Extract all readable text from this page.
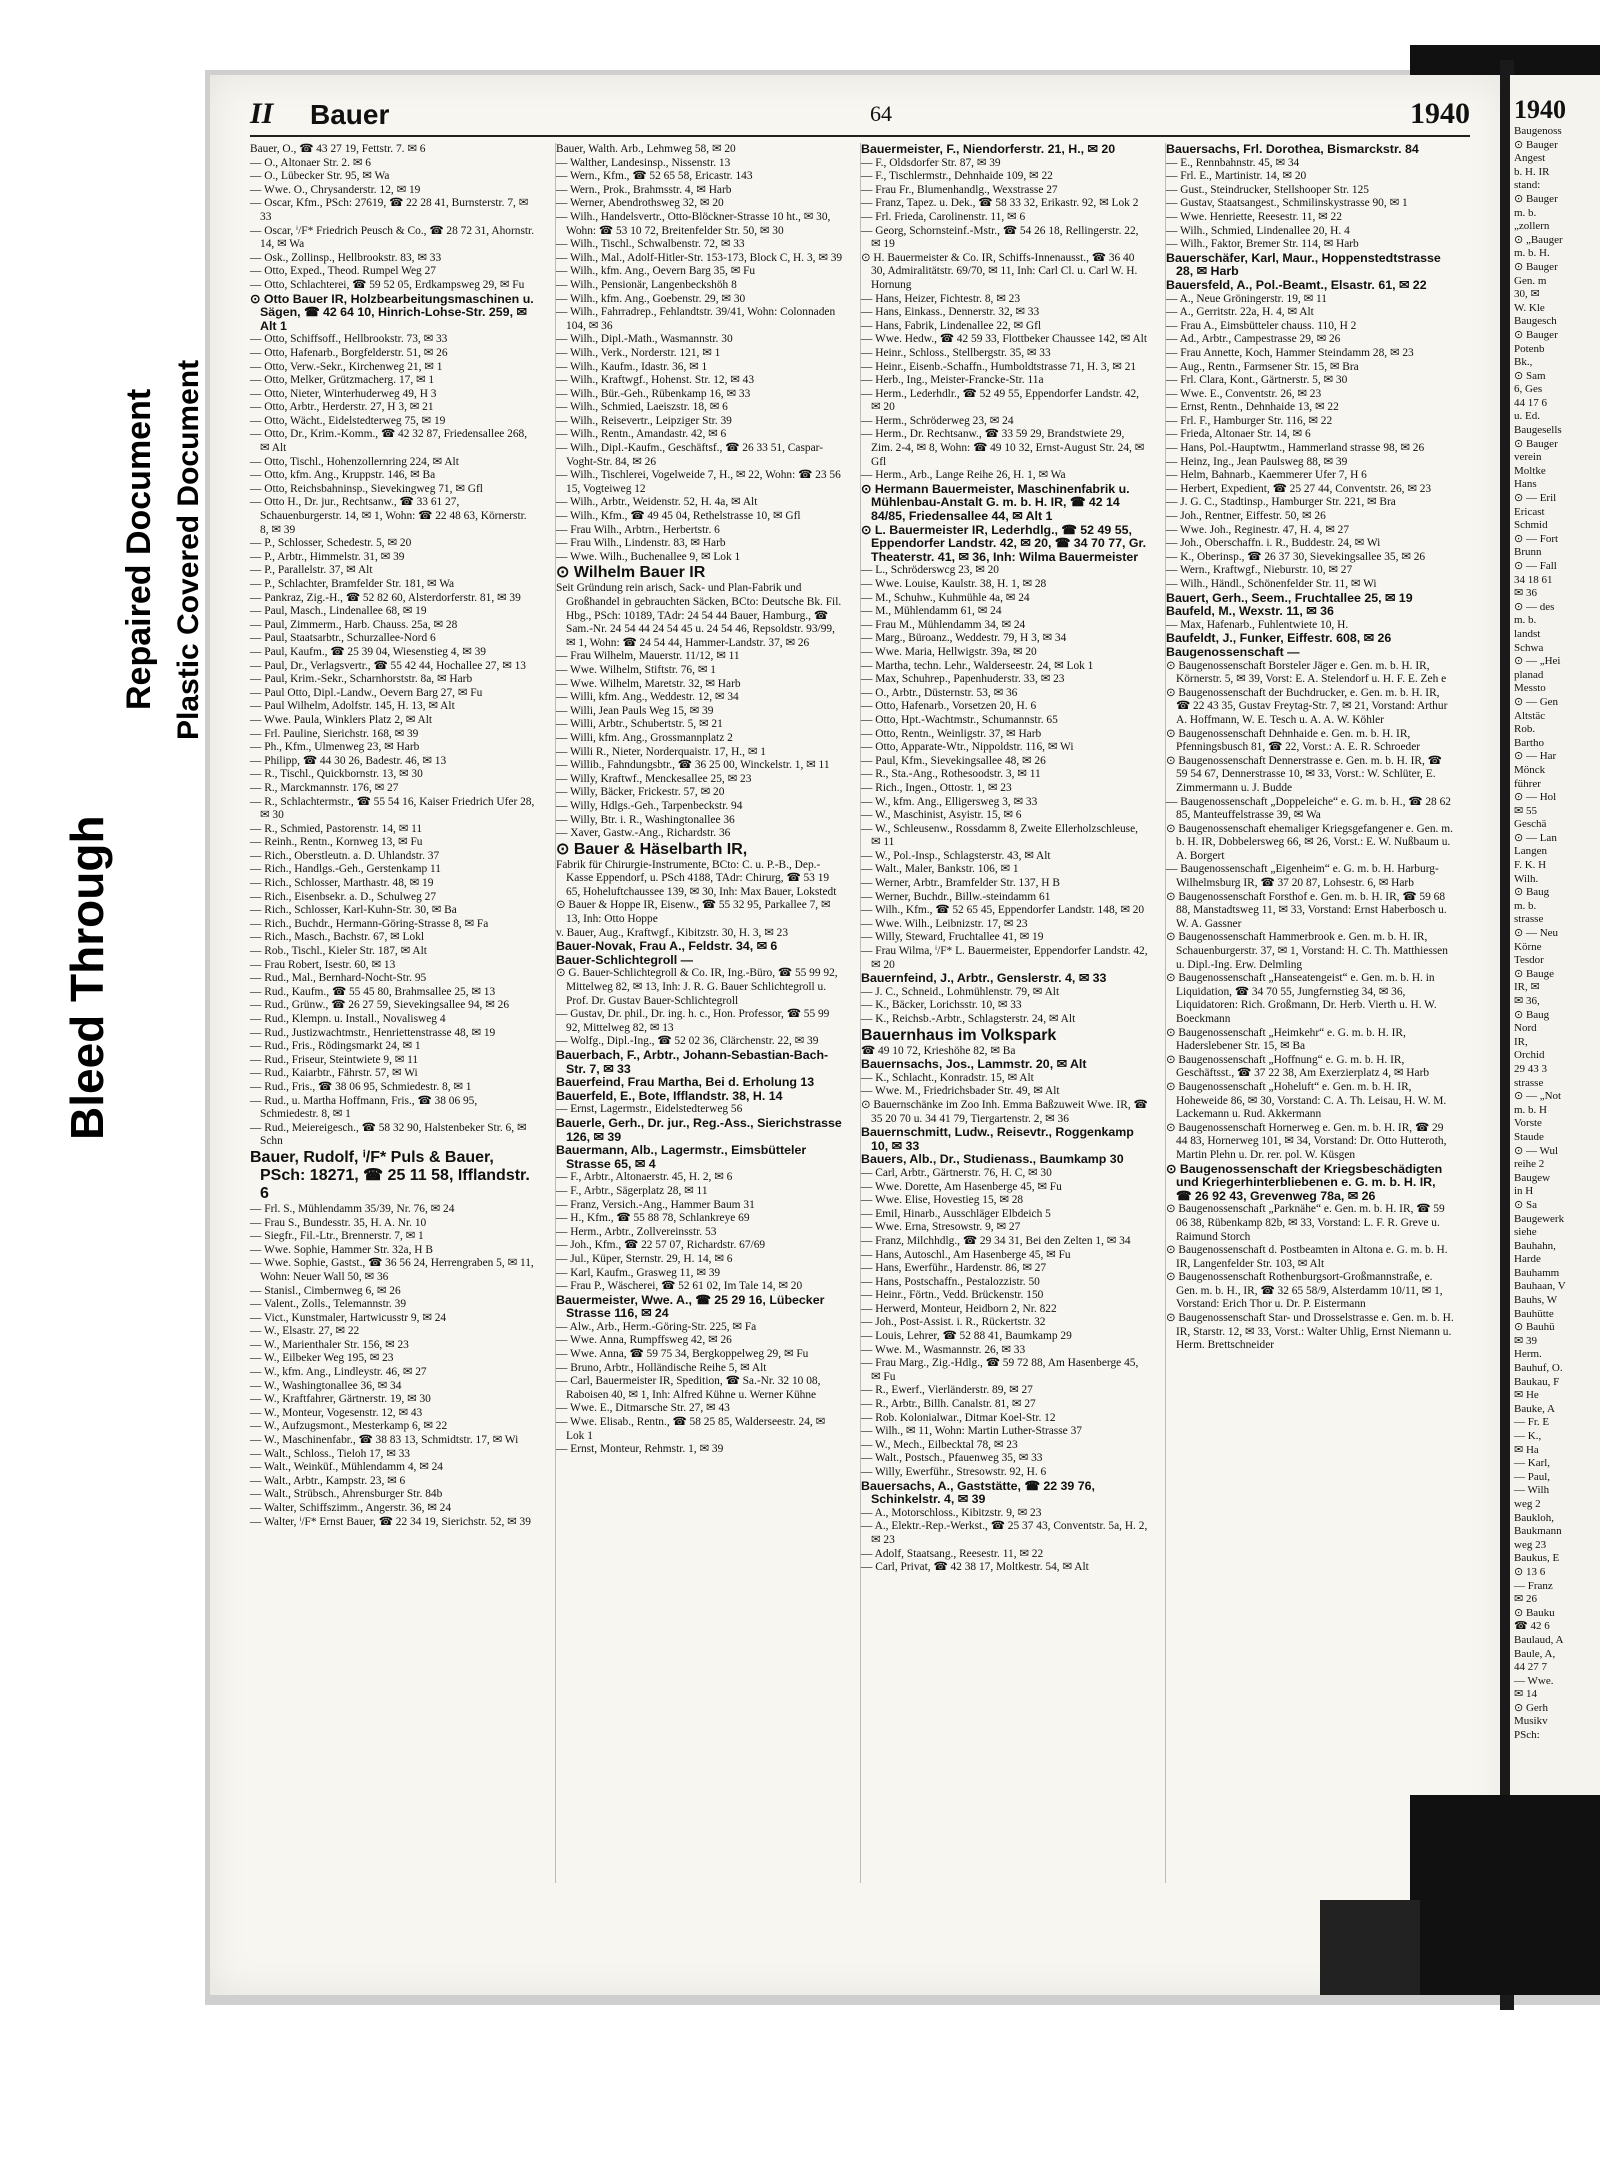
Bleed Through
Repaired Document Plastic Covered Document
II Bauer	64	1940
Bauer, O., ☎ 43 27 19, Fettstr. 7. ✉ 6
— O., Altonaer Str. 2. ✉ 6
— O., Lübecker Str. 95, ✉ Wa
— Wwe. O., Chrysanderstr. 12, ✉ 19
— Oscar, Kfm., PSch: 27619, ☎ 22 28 41, Burnsterstr. 7, ✉ 33
— Oscar, ⁱ/F* Friedrich Peusch & Co., ☎ 28 72 31, Ahornstr. 14, ✉ Wa
— Osk., Zollinsp., Hellbrookstr. 83, ✉ 33
— Otto, Exped., Theod. Rumpel Weg 27
— Otto, Schlachterei, ☎ 59 52 05, Erdkampsweg 29, ✉ Fu
⊙ Otto Bauer IR, Holzbearbeitungsmaschinen u. Sägen, ☎ 42 64 10, Hinrich-Lohse-Str. 259, ✉ Alt 1
— Otto, Schiffsoff., Hellbrookstr. 73, ✉ 33
— Otto, Hafenarb., Borgfelderstr. 51, ✉ 26
— Otto, Verw.-Sekr., Kirchenweg 21, ✉ 1
— Otto, Melker, Grützmacherg. 17, ✉ 1
— Otto, Nieter, Winterhuderweg 49, H 3
— Otto, Arbtr., Herderstr. 27, H 3, ✉ 21
— Otto, Wächt., Eidelstedterweg 75, ✉ 19
— Otto, Dr., Krim.-Komm., ☎ 42 32 87, Friedensallee 268, ✉ Alt
— Otto, Tischl., Hohenzollernring 224, ✉ Alt
— Otto, kfm. Ang., Kruppstr. 146, ✉ Ba
— Otto, Reichsbahninsp., Sievekingweg 71, ✉ Gfl
— Otto H., Dr. jur., Rechtsanw., ☎ 33 61 27, Schauenburgerstr. 14, ✉ 1, Wohn: ☎ 22 48 63, Körnerstr. 8, ✉ 39
— P., Schlosser, Schedestr. 5, ✉ 20
— P., Arbtr., Himmelstr. 31, ✉ 39
— P., Parallelstr. 37, ✉ Alt
— P., Schlachter, Bramfelder Str. 181, ✉ Wa
— Pankraz, Zig.-H., ☎ 52 82 60, Alsterdorferstr. 81, ✉ 39
— Paul, Masch., Lindenallee 68, ✉ 19
— Paul, Zimmerm., Harb. Chauss. 25a, ✉ 28
— Paul, Staatsarbtr., Schurzallee-Nord 6
— Paul, Kaufm., ☎ 25 39 04, Wiesenstieg 4, ✉ 39
— Paul, Dr., Verlagsvertr., ☎ 55 42 44, Hochallee 27, ✉ 13
— Paul, Krim.-Sekr., Scharnhorststr. 8a, ✉ Harb
— Paul Otto, Dipl.-Landw., Oevern Barg 27, ✉ Fu
— Paul Wilhelm, Adolfstr. 145, H. 13, ✉ Alt
— Wwe. Paula, Winklers Platz 2, ✉ Alt
— Frl. Pauline, Sierichstr. 168, ✉ 39
— Ph., Kfm., Ulmenweg 23, ✉ Harb
— Philipp, ☎ 44 30 26, Badestr. 46, ✉ 13
— R., Tischl., Quickbornstr. 13, ✉ 30
— R., Marckmannstr. 176, ✉ 27
— R., Schlachtermstr., ☎ 55 54 16, Kaiser Friedrich Ufer 28, ✉ 30
— R., Schmied, Pastorenstr. 14, ✉ 11
— Reinh., Rentn., Kornweg 13, ✉ Fu
— Rich., Oberstleutn. a. D. Uhlandstr. 37
— Rich., Handlgs.-Geh., Gerstenkamp 11
— Rich., Schlosser, Marthastr. 48, ✉ 19
— Rich., Eisenbsekr. a. D., Schulweg 27
— Rich., Schlosser, Karl-Kuhn-Str. 30, ✉ Ba
— Rich., Buchdr., Hermann-Göring-Strasse 8, ✉ Fa
— Rich., Masch., Bachstr. 67, ✉ Lokl
— Rob., Tischl., Kieler Str. 187, ✉ Alt
— Frau Robert, Isestr. 60, ✉ 13
— Rud., Mal., Bernhard-Nocht-Str. 95
— Rud., Kaufm., ☎ 55 45 80, Brahmsallee 25, ✉ 13
— Rud., Grünw., ☎ 26 27 59, Sievekingsallee 94, ✉ 26
— Rud., Klempn. u. Install., Novalisweg 4
— Rud., Justizwachtmstr., Henriettenstrasse 48, ✉ 19
— Rud., Fris., Rödingsmarkt 24, ✉ 1
— Rud., Friseur, Steintwiete 9, ✉ 11
— Rud., Kaiarbtr., Fährstr. 57, ✉ Wi
— Rud., Fris., ☎ 38 06 95, Schmiedestr. 8, ✉ 1
— Rud., u. Martha Hoffmann, Fris., ☎ 38 06 95, Schmiedestr. 8, ✉ 1
— Rud., Meiereigesch., ☎ 58 32 90, Halstenbeker Str. 6, ✉ Schn
Bauer, Rudolf, ⁱ/F* Puls & Bauer, PSch: 18271, ☎ 25 11 58, Ifflandstr. 6
— Frl. S., Mühlendamm 35/39, Nr. 76, ✉ 24
— Frau S., Bundesstr. 35, H. A. Nr. 10
— Siegfr., Fil.-Ltr., Brennerstr. 7, ✉ 1
— Wwe. Sophie, Hammer Str. 32a, H B
— Wwe. Sophie, Gastst., ☎ 36 56 24, Herrengraben 5, ✉ 11, Wohn: Neuer Wall 50, ✉ 36
— Stanisl., Cimbernweg 6, ✉ 26
— Valent., Zolls., Telemannstr. 39
— Vict., Kunstmaler, Hartwicusstr 9, ✉ 24
— W., Elsastr. 27, ✉ 22
— W., Marienthaler Str. 156, ✉ 23
— W., Eilbeker Weg 195, ✉ 23
— W., kfm. Ang., Lindleystr. 46, ✉ 27
— W., Washingtonallee 36, ✉ 34
— W., Kraftfahrer, Gärtnerstr. 19, ✉ 30
— W., Monteur, Vogesenstr. 12, ✉ 43
— W., Aufzugsmont., Mesterkamp 6, ✉ 22
— W., Maschinenfabr., ☎ 38 83 13, Schmidtstr. 17, ✉ Wi
— Walt., Schloss., Tieloh 17, ✉ 33
— Walt., Weinküf., Mühlendamm 4, ✉ 24
— Walt., Arbtr., Kampstr. 23, ✉ 6
— Walt., Strübsch., Ahrensburger Str. 84b
— Walter, Schiffszimm., Angerstr. 36, ✉ 24
— Walter, ⁱ/F* Ernst Bauer, ☎ 22 34 19, Sierichstr. 52, ✉ 39
Bauer, Walth. Arb., Lehmweg 58, ✉ 20
— Walther, Landesinsp., Nissenstr. 13
— Wern., Kfm., ☎ 52 65 58, Ericastr. 143
— Wern., Prok., Brahmsstr. 4, ✉ Harb
— Werner, Abendrothsweg 32, ✉ 20
— Wilh., Handelsvertr., Otto-Blöckner-Strasse 10 ht., ✉ 30, Wohn: ☎ 53 10 72, Breitenfelder Str. 50, ✉ 30
— Wilh., Tischl., Schwalbenstr. 72, ✉ 33
— Wilh., Mal., Adolf-Hitler-Str. 153-173, Block C, H. 3, ✉ 39
— Wilh., kfm. Ang., Oevern Barg 35, ✉ Fu
— Wilh., Pensionär, Langenbeckshöh 8
— Wilh., kfm. Ang., Goebenstr. 29, ✉ 30
— Wilh., Fahrradrep., Fehlandtstr. 39/41, Wohn: Colonnaden 104, ✉ 36
— Wilh., Dipl.-Math., Wasmannstr. 30
— Wilh., Verk., Norderstr. 121, ✉ 1
— Wilh., Kaufm., Idastr. 36, ✉ 1
— Wilh., Kraftwgf., Hohenst. Str. 12, ✉ 43
— Wilh., Bür.-Geh., Rübenkamp 16, ✉ 33
— Wilh., Schmied, Laeiszstr. 18, ✉ 6
— Wilh., Reisevertr., Leipziger Str. 39
— Wilh., Rentn., Amandastr. 42, ✉ 6
— Wilh., Dipl.-Kaufm., Geschäftsf., ☎ 26 33 51, Caspar-Voght-Str. 84, ✉ 26
— Wilh., Tischlerei, Vogelweide 7, H., ✉ 22, Wohn: ☎ 23 56 15, Vogteiweg 12
— Wilh., Arbtr., Weidenstr. 52, H. 4a, ✉ Alt
— Wilh., Kfm., ☎ 49 45 04, Rethelstrasse 10, ✉ Gfl
— Frau Wilh., Arbtrn., Herbertstr. 6
— Frau Wilh., Lindenstr. 83, ✉ Harb
— Wwe. Wilh., Buchenallee 9, ✉ Lok 1
⊙ Wilhelm Bauer IR
Seit Gründung rein arisch, Sack- und Plan-Fabrik und Großhandel in gebrauchten Säcken, BCto: Deutsche Bk. Fil. Hbg., PSch: 10189, TAdr: 24 54 44 Bauer, Hamburg., ☎ Sam.-Nr. 24 54 44 24 54 45 u. 24 54 46, Repsoldstr. 93/99, ✉ 1, Wohn: ☎ 24 54 44, Hammer-Landstr. 37, ✉ 26
— Frau Wilhelm, Mauerstr. 11/12, ✉ 11
— Wwe. Wilhelm, Stiftstr. 76, ✉ 1
— Wwe. Wilhelm, Maretstr. 32, ✉ Harb
— Willi, kfm. Ang., Weddestr. 12, ✉ 34
— Willi, Jean Pauls Weg 15, ✉ 39
— Willi, Arbtr., Schubertstr. 5, ✉ 21
— Willi, kfm. Ang., Grossmannplatz 2
— Willi R., Nieter, Norderquaistr. 17, H., ✉ 1
— Willib., Fahndungsbtr., ☎ 36 25 00, Winckelstr. 1, ✉ 11
— Willy, Kraftwf., Menckesallee 25, ✉ 23
— Willy, Bäcker, Frickestr. 57, ✉ 20
— Willy, Hdlgs.-Geh., Tarpenbeckstr. 94
— Willy, Btr. i. R., Washingtonallee 36
— Xaver, Gastw.-Ang., Richardstr. 36
⊙ Bauer & Häselbarth IR,
Fabrik für Chirurgie-Instrumente, BCto: C. u. P.-B., Dep.-Kasse Eppendorf, u. PSch 4188, TAdr: Chirurg, ☎ 53 19 65, Hoheluftchaussee 139, ✉ 30, Inh: Max Bauer, Lokstedt
⊙ Bauer & Hoppe IR, Eisenw., ☎ 55 32 95, Parkallee 7, ✉ 13, Inh: Otto Hoppe
v. Bauer, Aug., Kraftwgf., Kibitzstr. 30, H. 3, ✉ 23
Bauer-Novak, Frau A., Feldstr. 34, ✉ 6
Bauer-Schlichtegroll —
⊙ G. Bauer-Schlichtegroll & Co. IR, Ing.-Büro, ☎ 55 99 92, Mittelweg 82, ✉ 13, Inh: J. R. G. Bauer Schlichtegroll u. Prof. Dr. Gustav Bauer-Schlichtegroll
— Gustav, Dr. phil., Dr. ing. h. c., Hon. Professor, ☎ 55 99 92, Mittelweg 82, ✉ 13
— Wolfg., Dipl.-Ing., ☎ 52 02 36, Clärchenstr. 22, ✉ 39
Bauerbach, F., Arbtr., Johann-Sebastian-Bach-Str. 7, ✉ 33
Bauerfeind, Frau Martha, Bei d. Erholung 13
Bauerfeld, E., Bote, Ifflandstr. 38, H. 14
— Ernst, Lagermstr., Eidelstedterweg 56
Bauerle, Gerh., Dr. jur., Reg.-Ass., Sierichstrasse 126, ✉ 39
Bauermann, Alb., Lagermstr., Eimsbütteler Strasse 65, ✉ 4
— F., Arbtr., Altonaerstr. 45, H. 2, ✉ 6
— F., Arbtr., Sägerplatz 28, ✉ 11
— Franz, Versich.-Ang., Hammer Baum 31
— H., Kfm., ☎ 55 88 78, Schlankreye 69
— Herm., Arbtr., Zollvereinsstr. 53
— Joh., Kfm., ☎ 22 57 07, Richardstr. 67/69
— Jul., Küper, Sternstr. 29, H. 14, ✉ 6
— Karl, Kaufm., Grasweg 11, ✉ 39
— Frau P., Wäscherei, ☎ 52 61 02, Im Tale 14, ✉ 20
Bauermeister, Wwe. A., ☎ 25 29 16, Lübecker Strasse 116, ✉ 24
— Alw., Arb., Herm.-Göring-Str. 225, ✉ Fa
— Wwe. Anna, Rumpffsweg 42, ✉ 26
— Wwe. Anna, ☎ 59 75 34, Bergkoppelweg 29, ✉ Fu
— Bruno, Arbtr., Holländische Reihe 5, ✉ Alt
— Carl, Bauermeister IR, Spedition, ☎ Sa.-Nr. 32 10 08, Raboisen 40, ✉ 1, Inh: Alfred Kühne u. Werner Kühne
— Wwe. E., Ditmarsche Str. 27, ✉ 43
— Wwe. Elisab., Rentn., ☎ 58 25 85, Walderseestr. 24, ✉ Lok 1
— Ernst, Monteur, Rehmstr. 1, ✉ 39
Bauermeister, F., Niendorferstr. 21, H., ✉ 20
— F., Oldsdorfer Str. 87, ✉ 39
— F., Tischlermstr., Dehnhaide 109, ✉ 22
— Frau Fr., Blumenhandlg., Wexstrasse 27
— Franz, Tapez. u. Dek., ☎ 58 33 32, Erikastr. 92, ✉ Lok 2
— Frl. Frieda, Carolinenstr. 11, ✉ 6
— Georg, Schornsteinf.-Mstr., ☎ 54 26 18, Rellingerstr. 22, ✉ 19
⊙ H. Bauermeister & Co. IR, Schiffs-Innenausst., ☎ 36 40 30, Admiralitätstr. 69/70, ✉ 11, Inh: Carl Cl. u. Carl W. H. Hornung
— Hans, Heizer, Fichtestr. 8, ✉ 23
— Hans, Einkass., Dennerstr. 32, ✉ 33
— Hans, Fabrik, Lindenallee 22, ✉ Gfl
— Wwe. Hedw., ☎ 42 59 33, Flottbeker Chaussee 142, ✉ Alt
— Heinr., Schloss., Stellbergstr. 35, ✉ 33
— Heinr., Eisenb.-Schaffn., Humboldtstrasse 71, H. 3, ✉ 21
— Herb., Ing., Meister-Francke-Str. 11a
— Herm., Lederhdlr., ☎ 52 49 55, Eppendorfer Landstr. 42, ✉ 20
— Herm., Schröderweg 23, ✉ 24
— Herm., Dr. Rechtsanw., ☎ 33 59 29, Brandstwiete 29, Zim. 2-4, ✉ 8, Wohn: ☎ 49 10 32, Ernst-August Str. 24, ✉ Gfl
— Herm., Arb., Lange Reihe 26, H. 1, ✉ Wa
⊙ Hermann Bauermeister, Maschinenfabrik u. Mühlenbau-Anstalt G. m. b. H. IR, ☎ 42 14 84/85, Friedensallee 44, ✉ Alt 1
⊙ L. Bauermeister IR, Lederhdlg., ☎ 52 49 55, Eppendorfer Landstr. 42, ✉ 20, ☎ 34 70 77, Gr. Theaterstr. 41, ✉ 36, Inh: Wilma Bauermeister
— L., Schröderswcg 23, ✉ 20
— Wwe. Louise, Kaulstr. 38, H. 1, ✉ 28
— M., Schuhw., Kuhmühle 4a, ✉ 24
— M., Mühlendamm 61, ✉ 24
— Frau M., Mühlendamm 34, ✉ 24
— Marg., Büroanz., Weddestr. 79, H 3, ✉ 34
— Wwe. Maria, Hellwigstr. 39a, ✉ 20
— Martha, techn. Lehr., Walderseestr. 24, ✉ Lok 1
— Max, Schuhrep., Papenhuderstr. 33, ✉ 23
— O., Arbtr., Düsternstr. 53, ✉ 36
— Otto, Hafenarb., Vorsetzen 20, H. 6
— Otto, Hpt.-Wachtmstr., Schumannstr. 65
— Otto, Rentn., Weinligstr. 37, ✉ Harb
— Otto, Apparate-Wtr., Nippoldstr. 116, ✉ Wi
— Paul, Kfm., Sievekingsallee 48, ✉ 26
— R., Sta.-Ang., Rothesoodstr. 3, ✉ 11
— Rich., Ingen., Ottostr. 1, ✉ 23
— W., kfm. Ang., Elligersweg 3, ✉ 33
— W., Maschinist, Asyistr. 15, ✉ 6
— W., Schleusenw., Rossdamm 8, Zweite Ellerholzschleuse, ✉ 11
— W., Pol.-Insp., Schlagsterstr. 43, ✉ Alt
— Walt., Maler, Bankstr. 106, ✉ 1
— Werner, Arbtr., Bramfelder Str. 137, H B
— Werner, Buchdr., Billw.-steindamm 61
— Wilh., Kfm., ☎ 52 65 45, Eppendorfer Landstr. 148, ✉ 20
— Wwe. Wilh., Leibnizstr. 17, ✉ 23
— Willy, Steward, Fruchtallee 41, ✉ 19
— Frau Wilma, ⁱ/F* L. Bauermeister, Eppendorfer Landstr. 42, ✉ 20
Bauernfeind, J., Arbtr., Genslerstr. 4, ✉ 33
— J. C., Schneid., Lohmühlenstr. 79, ✉ Alt
— K., Bäcker, Lorichsstr. 10, ✉ 33
— K., Reichsb.-Arbtr., Schlagsterstr. 24, ✉ Alt
Bauernhaus im Volkspark
☎ 49 10 72, Krieshöhe 82, ✉ Ba
Bauernsachs, Jos., Lammstr. 20, ✉ Alt
— K., Schlacht., Konradstr. 15, ✉ Alt
— Wwe. M., Friedrichsbader Str. 49, ✉ Alt
⊙ Bauernschänke im Zoo Inh. Emma Baßzuweit Wwe. IR, ☎ 35 20 70 u. 34 41 79, Tiergartenstr. 2, ✉ 36
Bauernschmitt, Ludw., Reisevtr., Roggenkamp 10, ✉ 33
Bauers, Alb., Dr., Studienass., Baumkamp 30
— Carl, Arbtr., Gärtnerstr. 76, H. C, ✉ 30
— Wwe. Dorette, Am Hasenberge 45, ✉ Fu
— Wwe. Elise, Hovestieg 15, ✉ 28
— Emil, Hinarb., Ausschläger Elbdeich 5
— Wwe. Erna, Stresowstr. 9, ✉ 27
— Franz, Milchhdlg., ☎ 29 34 31, Bei den Zelten 1, ✉ 34
— Hans, Autoschl., Am Hasenberge 45, ✉ Fu
— Hans, Ewerführ., Hardenstr. 86, ✉ 27
— Hans, Postschaffn., Pestalozzistr. 50
— Heinr., Förtn., Vedd. Brückenstr. 150
— Herwerd, Monteur, Heidborn 2, Nr. 822
— Joh., Post-Assist. i. R., Rückertstr. 32
— Louis, Lehrer, ☎ 52 88 41, Baumkamp 29
— Wwe. M., Wasmannstr. 26, ✉ 33
— Frau Marg., Zig.-Hdlg., ☎ 59 72 88, Am Hasenberge 45, ✉ Fu
— R., Ewerf., Vierländerstr. 89, ✉ 27
— R., Arbtr., Billh. Canalstr. 81, ✉ 27
— Rob. Kolonialwar., Ditmar Koel-Str. 12
— Wilh., ✉ 11, Wohn: Martin Luther-Strasse 37
— W., Mech., Eilbecktal 78, ✉ 23
— Walt., Postsch., Pfauenweg 35, ✉ 33
— Willy, Ewerführ., Stresowstr. 92, H. 6
Bauersachs, A., Gaststätte, ☎ 22 39 76, Schinkelstr. 4, ✉ 39
— A., Motorschloss., Kibitzstr. 9, ✉ 23
— A., Elektr.-Rep.-Werkst., ☎ 25 37 43, Conventstr. 5a, H. 2, ✉ 23
— Adolf, Staatsang., Reesestr. 11, ✉ 22
— Carl, Privat, ☎ 42 38 17, Moltkestr. 54, ✉ Alt
Bauersachs, Frl. Dorothea, Bismarckstr. 84
— E., Rennbahnstr. 45, ✉ 34
— Frl. E., Martinistr. 14, ✉ 20
— Gust., Steindrucker, Stellshooper Str. 125
— Gustav, Staatsangest., Schmilinskystrasse 90, ✉ 1
— Wwe. Henriette, Reesestr. 11, ✉ 22
— Wilh., Schmied, Lindenallee 20, H. 4
— Wilh., Faktor, Bremer Str. 114, ✉ Harb
Bauerschäfer, Karl, Maur., Hoppenstedtstrasse 28, ✉ Harb
Bauersfeld, A., Pol.-Beamt., Elsastr. 61, ✉ 22
— A., Neue Gröningerstr. 19, ✉ 11
— A., Gerritstr. 22a, H. 4, ✉ Alt
— Frau A., Eimsbütteler chauss. 110, H 2
— Ad., Arbtr., Campestrasse 29, ✉ 26
— Frau Annette, Koch, Hammer Steindamm 28, ✉ 23
— Aug., Rentn., Farmsener Str. 15, ✉ Bra
— Frl. Clara, Kont., Gärtnerstr. 5, ✉ 30
— Wwe. E., Conventstr. 26, ✉ 23
— Ernst, Rentn., Dehnhaide 13, ✉ 22
— Frl. F., Hamburger Str. 116, ✉ 22
— Frieda, Altonaer Str. 14, ✉ 6
— Hans, Pol.-Hauptwtm., Hammerland strasse 98, ✉ 26
— Heinz, Ing., Jean Paulsweg 88, ✉ 39
— Helm, Bahnarb., Kaemmerer Ufer 7, H 6
— Herbert, Expedient, ☎ 25 27 44, Conventstr. 26, ✉ 23
— J. G. C., Stadtinsp., Hamburger Str. 221, ✉ Bra
— Joh., Rentner, Eiffestr. 50, ✉ 26
— Wwe. Joh., Reginestr. 47, H. 4, ✉ 27
— Joh., Oberschaffn. i. R., Buddestr. 24, ✉ Wi
— K., Oberinsp., ☎ 26 37 30, Sievekingsallee 35, ✉ 26
— Wern., Kraftwgf., Nieburstr. 10, ✉ 27
— Wilh., Händl., Schönenfelder Str. 11, ✉ Wi
Bauert, Gerh., Seem., Fruchtallee 25, ✉ 19
Baufeld, M., Wexstr. 11, ✉ 36
— Max, Hafenarb., Fuhlentwiete 10, H.
Baufeldt, J., Funker, Eiffestr. 608, ✉ 26
Baugenossenschaft —
⊙ Baugenossenschaft Borsteler Jäger e. Gen. m. b. H. IR, Körnerstr. 5, ✉ 39, Vorst: E. A. Stelendorf u. H. F. E. Zeh e
⊙ Baugenossenschaft der Buchdrucker, e. Gen. m. b. H. IR, ☎ 22 43 35, Gustav Freytag-Str. 7, ✉ 21, Vorstand: Arthur A. Hoffmann, W. E. Tesch u. A. A. W. Köhler
⊙ Baugenossenschaft Dehnhaide e. Gen. m. b. H. IR, Pfenningsbusch 81, ☎ 22, Vorst.: A. E. R. Schroeder
⊙ Baugenossenschaft Dennerstrasse e. Gen. m. b. H. IR, ☎ 59 54 67, Dennerstrasse 10, ✉ 33, Vorst.: W. Schlüter, E. Zimmermann u. J. Budde
— Baugenossenschaft „Doppeleiche“ e. G. m. b. H., ☎ 28 62 85, Manteuffelstrasse 39, ✉ Wa
⊙ Baugenossenschaft ehemaliger Kriegsgefangener e. Gen. m. b. H. IR, Dobbelersweg 66, ✉ 26, Vorst.: E. W. Nußbaum u. A. Borgert
— Baugenossenschaft „Eigenheim“ e. G. m. b. H. Harburg-Wilhelmsburg IR, ☎ 37 20 87, Lohsestr. 6, ✉ Harb
⊙ Baugenossenschaft Forsthof e. Gen. m. b. H. IR, ☎ 59 68 88, Manstadtsweg 11, ✉ 33, Vorstand: Ernst Haberbosch u. W. A. Gassner
⊙ Baugenossenschaft Hammerbrook e. Gen. m. b. H. IR, Schauenburgerstr. 37, ✉ 1, Vorstand: H. C. Th. Matthiessen u. Dipl.-Ing. Erw. Delmling
⊙ Baugenossenschaft „Hanseatengeist“ e. Gen. m. b. H. in Liquidation, ☎ 34 70 55, Jungfernstieg 34, ✉ 36, Liquidatoren: Rich. Großmann, Dr. Herb. Vierth u. H. W. Boeckmann
⊙ Baugenossenschaft „Heimkehr“ e. G. m. b. H. IR, Haderslebener Str. 15, ✉ Ba
⊙ Baugenossenschaft „Hoffnung“ e. G. m. b. H. IR, Geschäftsst., ☎ 37 22 38, Am Exerzierplatz 4, ✉ Harb
⊙ Baugenossenschaft „Hoheluft“ e. Gen. m. b. H. IR, Hoheweide 86, ✉ 30, Vorstand: C. A. Th. Leisau, H. W. M. Lackemann u. Rud. Akkermann
⊙ Baugenossenschaft Hornerweg e. Gen. m. b. H. IR, ☎ 29 44 83, Hornerweg 101, ✉ 34, Vorstand: Dr. Otto Hutteroth, Martin Plehn u. Dr. rer. pol. W. Küsgen
⊙ Baugenossenschaft der Kriegsbeschädigten und Kriegerhinterbliebenen e. G. m. b. H. IR, ☎ 26 92 43, Grevenweg 78a, ✉ 26
⊙ Baugenossenschaft „Parknähe“ e. Gen. m. b. H. IR, ☎ 59 06 38, Rübenkamp 82b, ✉ 33, Vorstand: L. F. R. Greve u. Raimund Storch
⊙ Baugenossenschaft d. Postbeamten in Altona e. G. m. b. H. IR, Langenfelder Str. 103, ✉ Alt
⊙ Baugenossenschaft Rothenburgsort-Großmannstraße, e. Gen. m. b. H., IR, ☎ 32 65 58/9, Alsterdamm 10/11, ✉ 1, Vorstand: Erich Thor u. Dr. P. Eistermann
⊙ Baugenossenschaft Star- und Drosselstrasse e. Gen. m. b. H. IR, Starstr. 12, ✉ 33, Vorst.: Walter Uhlig, Ernst Niemann u. Herm. Brettschneider
1940
Baugenoss
⊙ Bauger
Angest
b. H. IR
stand:
⊙ Bauger
m. b.
„zollern
⊙ „Bauger
m. b. H.
⊙ Bauger
Gen. m
30, ✉
W. Kle
Baugesch
⊙ Bauger
Potenb
Bk.,
⊙ Sam
6, Ges
44 17 6
u. Ed.
Baugesells
⊙ Bauger
verein
Moltke
Hans
⊙ — Eril
Ericast
Schmid
⊙ — Fort
Brunn
⊙ — Fall
34 18 61
✉ 36
⊙ — des
m. b.
landst
Schwa
⊙ — „Hei
planad
Messto
⊙ — Gen
Altstäc
Rob.
Bartho
⊙ — Har
Mönck
führer
⊙ — Hol
✉ 55
Geschä
⊙ — Lan
Langen
F. K. H
Wilh.
⊙ Baug
m. b.
strasse
⊙ — Neu
Körne
Tesdor
⊙ Bauge
IR, ✉
✉ 36,
⊙ Baug
Nord
IR,
Orchid
29 43 3
strasse
⊙ — „Not
m. b. H
Vorste
Staude
⊙ — Wul
reihe 2
Baugew
in H
⊙ Sa
Baugewerk
siehe
Bauhahn,
Harde
Bauhamm
Bauhaan, V
Bauhs, W
Bauhütte
⊙ Bauhü
✉ 39
Herm.
Bauhuf, O.
Baukau, F
✉ He
Bauke, A
— Fr. E
— K.,
✉ Ha
— Karl,
— Paul,
— Wilh
weg 2
Baukloh,
Baukmann
weg 23
Baukus, E
⊙ 13 6
— Franz
✉ 26
⊙ Bauku
☎ 42 6
Baulaud, A
Baule, A,
44 27 7
— Wwe.
✉ 14
⊙ Gerh
Musikv
PSch:
